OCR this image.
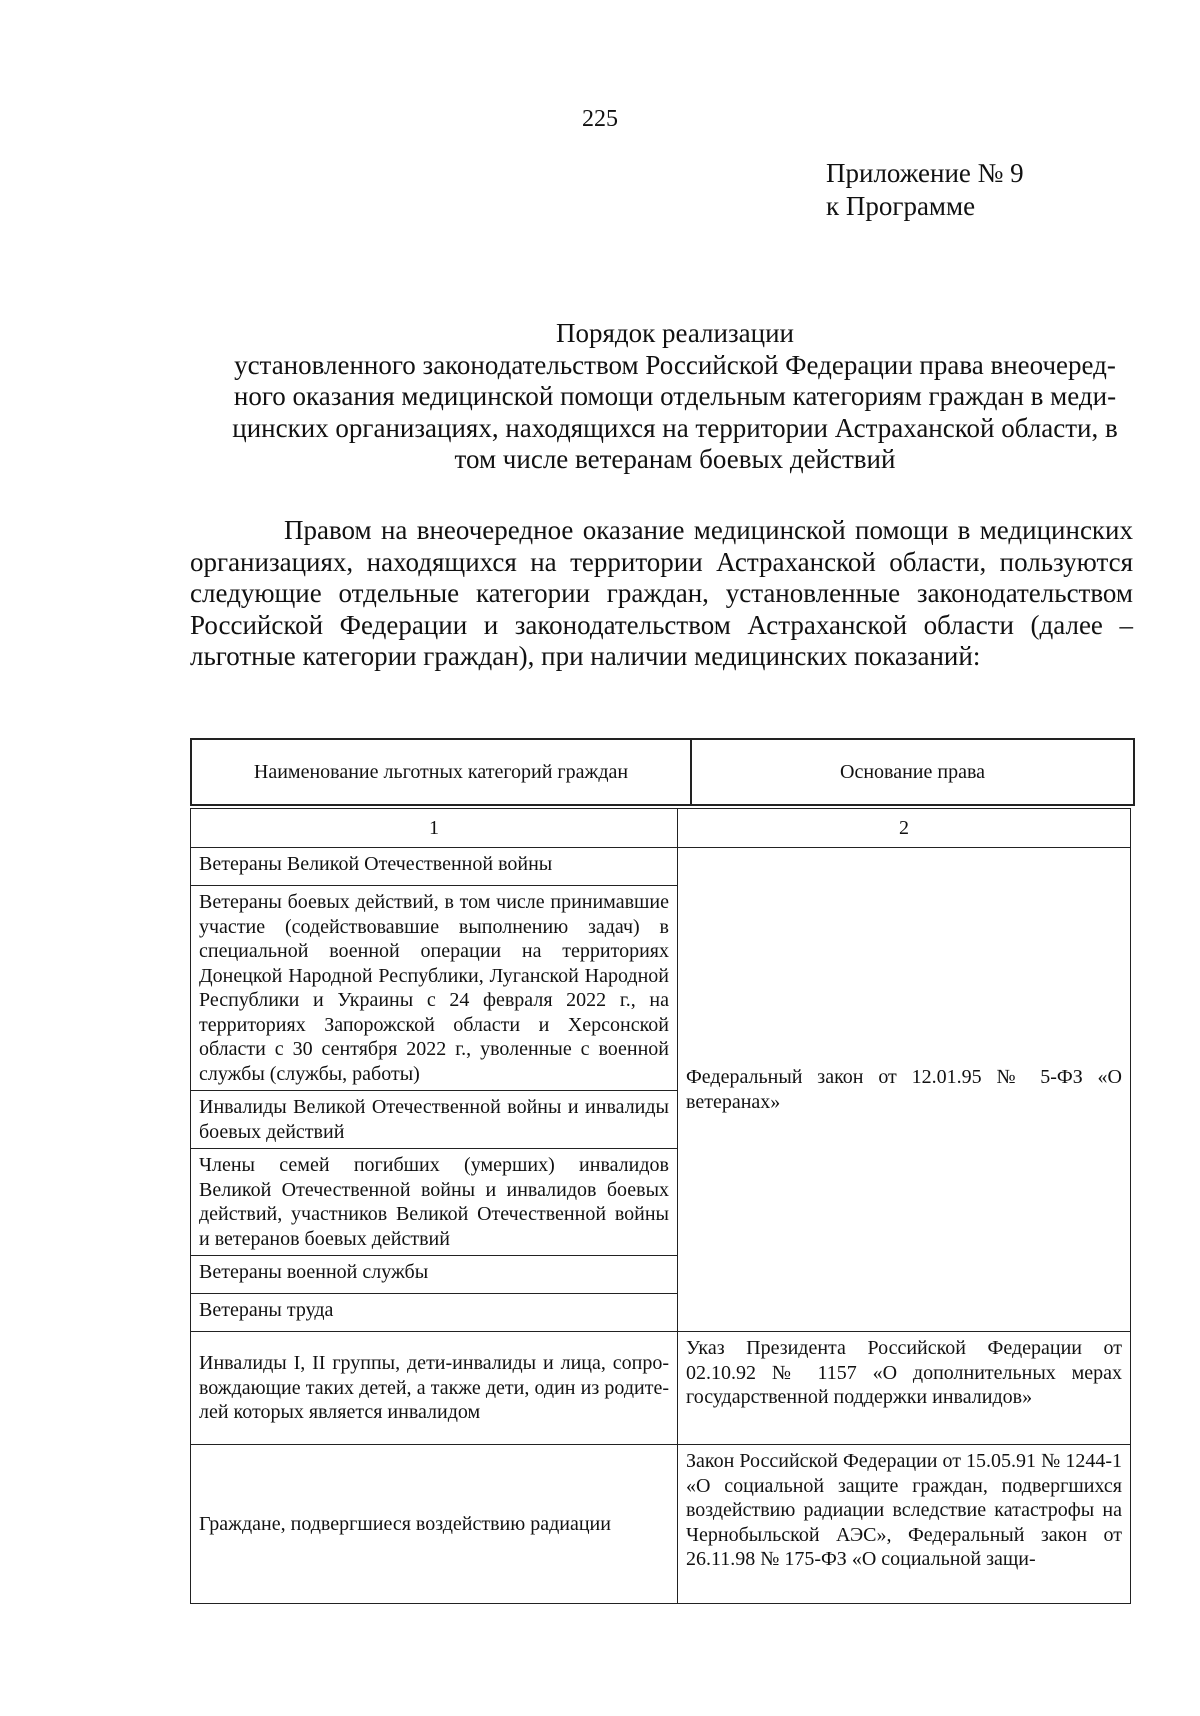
225
Приложение № 9
к Программе
Порядок реализации
установленного законодательством Российской Федерации права внеочередного оказания медицинской помощи отдельным категориям граждан в медицинских организациях, находящихся на территории Астраханской области, в том числе ветеранам боевых действий
Правом на внеочередное оказание медицинской помощи в медицинских организациях, находящихся на территории Астраханской области, пользуются следующие отдельные категории граждан, установленные законодательством Российской Федерации и законодательством Астраханской области (далее – льготные категории граждан), при наличии медицинских показаний:
Наименование льготных категорий граждан	Основание права
1	2
Ветераны Великой Отечественной войны	Федеральный закон от 12.01.95 № 5-ФЗ «О ветеранах»
Ветераны боевых действий, в том числе принимавшие участие (содействовавшие выполнению задач) в специальной военной операции на территориях Донецкой Народной Республики, Луганской Народной Республики и Украины с 24 февраля 2022 г., на территориях Запорожской области и Херсонской области с 30 сентября 2022 г., уволенные с военной службы (службы, работы)	
Инвалиды Великой Отечественной войны и инвалиды боевых действий	
Члены семей погибших (умерших) инвалидов Великой Отечественной войны и инвалидов боевых действий, участников Великой Отечественной войны и ветеранов боевых действий	
Ветераны военной службы	
Ветераны труда	
Инвалиды I, II группы, дети-инвалиды и лица, сопровождающие таких детей, а также дети, один из родителей которых является инвалидом	Указ Президента Российской Федерации от 02.10.92 № 1157 «О дополнительных мерах государственной поддержки инвалидов»
Граждане, подвергшиеся воздействию радиации	Закон Российской Федерации от 15.05.91 № 1244-1 «О социальной защите граждан, подвергшихся воздействию радиации вследствие катастрофы на Чернобыльской АЭС», Федеральный закон от 26.11.98 № 175-ФЗ «О социальной защи-
